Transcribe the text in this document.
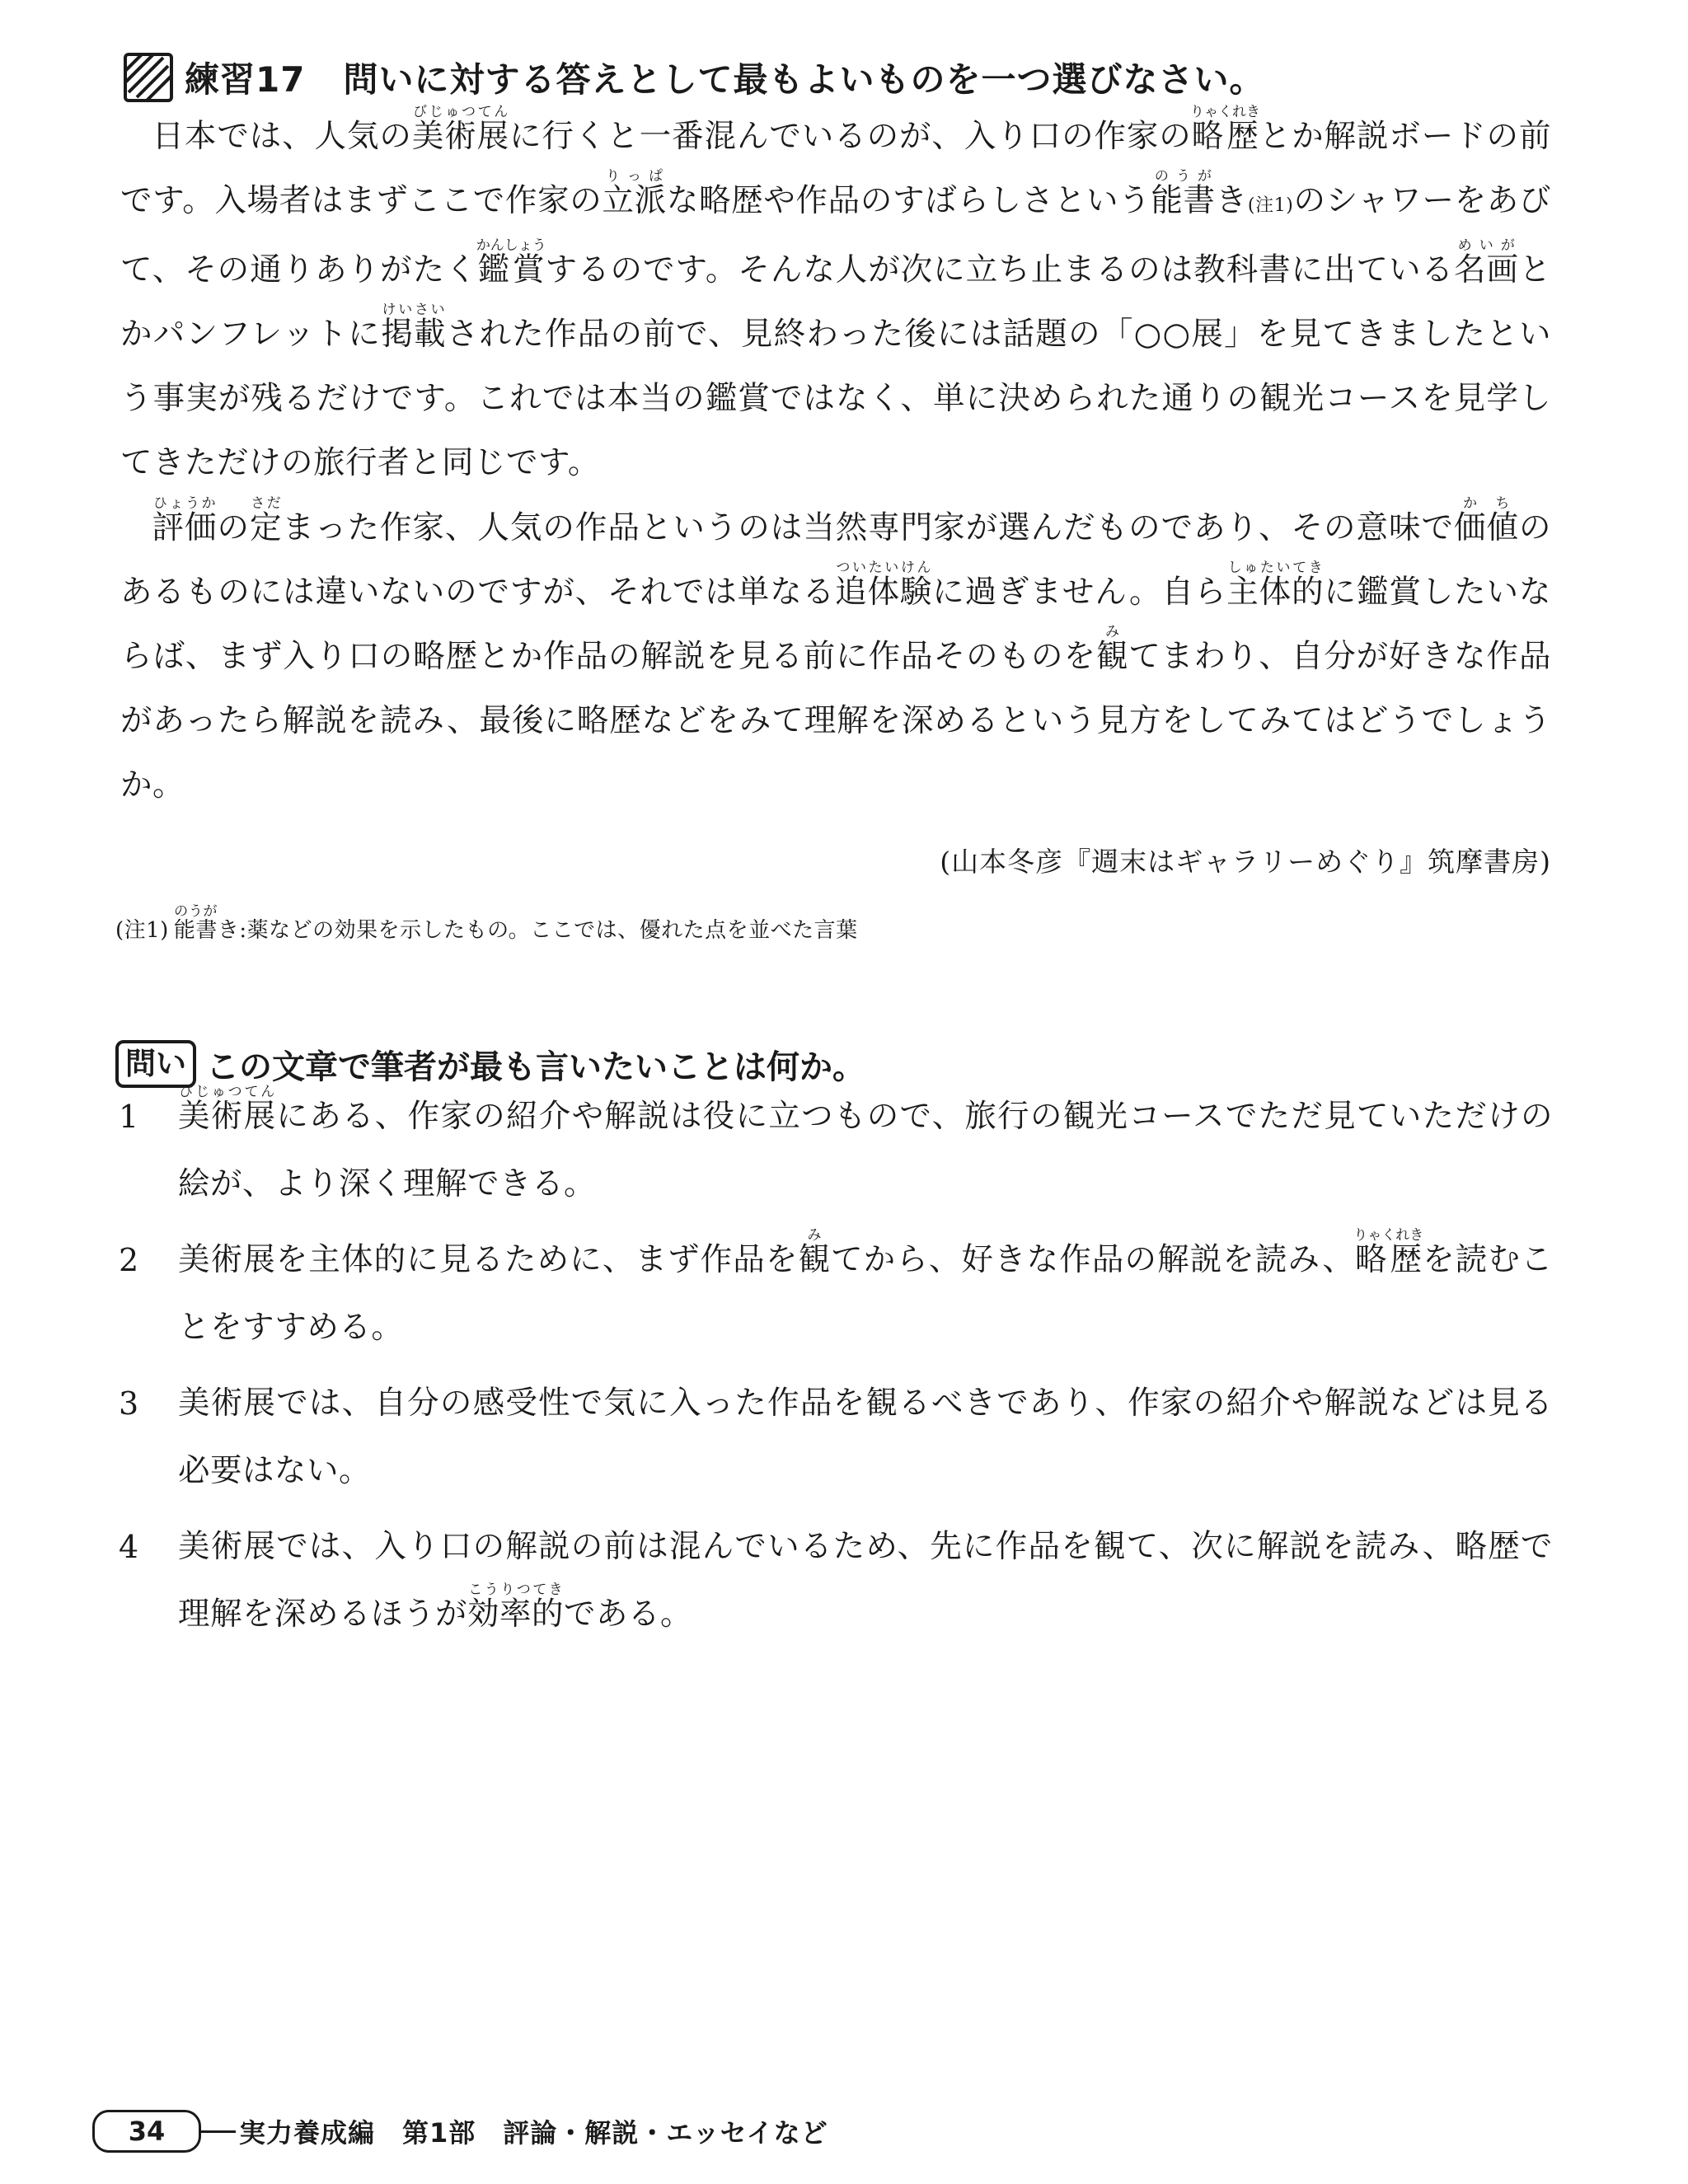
練習17 問いに対する答えとして最もよいものを一つ選びなさい。

日本では、人気の美術展びじゅつてんに行くと一番混んでいるのが、入り口の作家の略歴りゃくれきとか解説ボードの前です。入場者はまずここで作家の立派りっぱな略歴や作品のすばらしさという能書のうがき(注1)のシャワーをあびて、その通りありがたく鑑賞かんしょうするのです。そんな人が次に立ち止まるのは教科書に出ている名画めいがとかパンフレットに掲載けいさいされた作品の前で、見終わった後には話題の「○○展」を見てきましたという事実が残るだけです。これでは本当の鑑賞ではなく、単に決められた通りの観光コースを見学してきただけの旅行者と同じです。

評価ひょうかの定さだまった作家、人気の作品というのは当然専門家が選んだものであり、その意味で価値かちのあるものには違いないのですが、それでは単なる追体験ついたいけんに過ぎません。自ら主体的しゅたいてきに鑑賞したいならば、まず入り口の略歴とか作品の解説を見る前に作品そのものを観みてまわり、自分が好きな作品があったら解説を読み、最後に略歴などをみて理解を深めるという見方をしてみてはどうでしょうか。

(山本冬彦『週末はギャラリーめぐり』筑摩書房)
(注1) 能書のうがき:薬などの効果を示したもの。ここでは、優れた点を並べた言葉
問い この文章で筆者が最も言いたいことは何か。
1	美術展びじゅつてんにある、作家の紹介や解説は役に立つもので、旅行の観光コースでただ見ていただけの絵が、より深く理解できる。
2	美術展を主体的に見るために、まず作品を観みてから、好きな作品の解説を読み、略歴りゃくれきを読むことをすすめる。
3	美術展では、自分の感受性で気に入った作品を観るべきであり、作家の紹介や解説などは見る必要はない。
4	美術展では、入り口の解説の前は混んでいるため、先に作品を観て、次に解説を読み、略歴で理解を深めるほうが効率的こうりつてきである。
34	実力養成編　第1部　評論・解説・エッセイなど
